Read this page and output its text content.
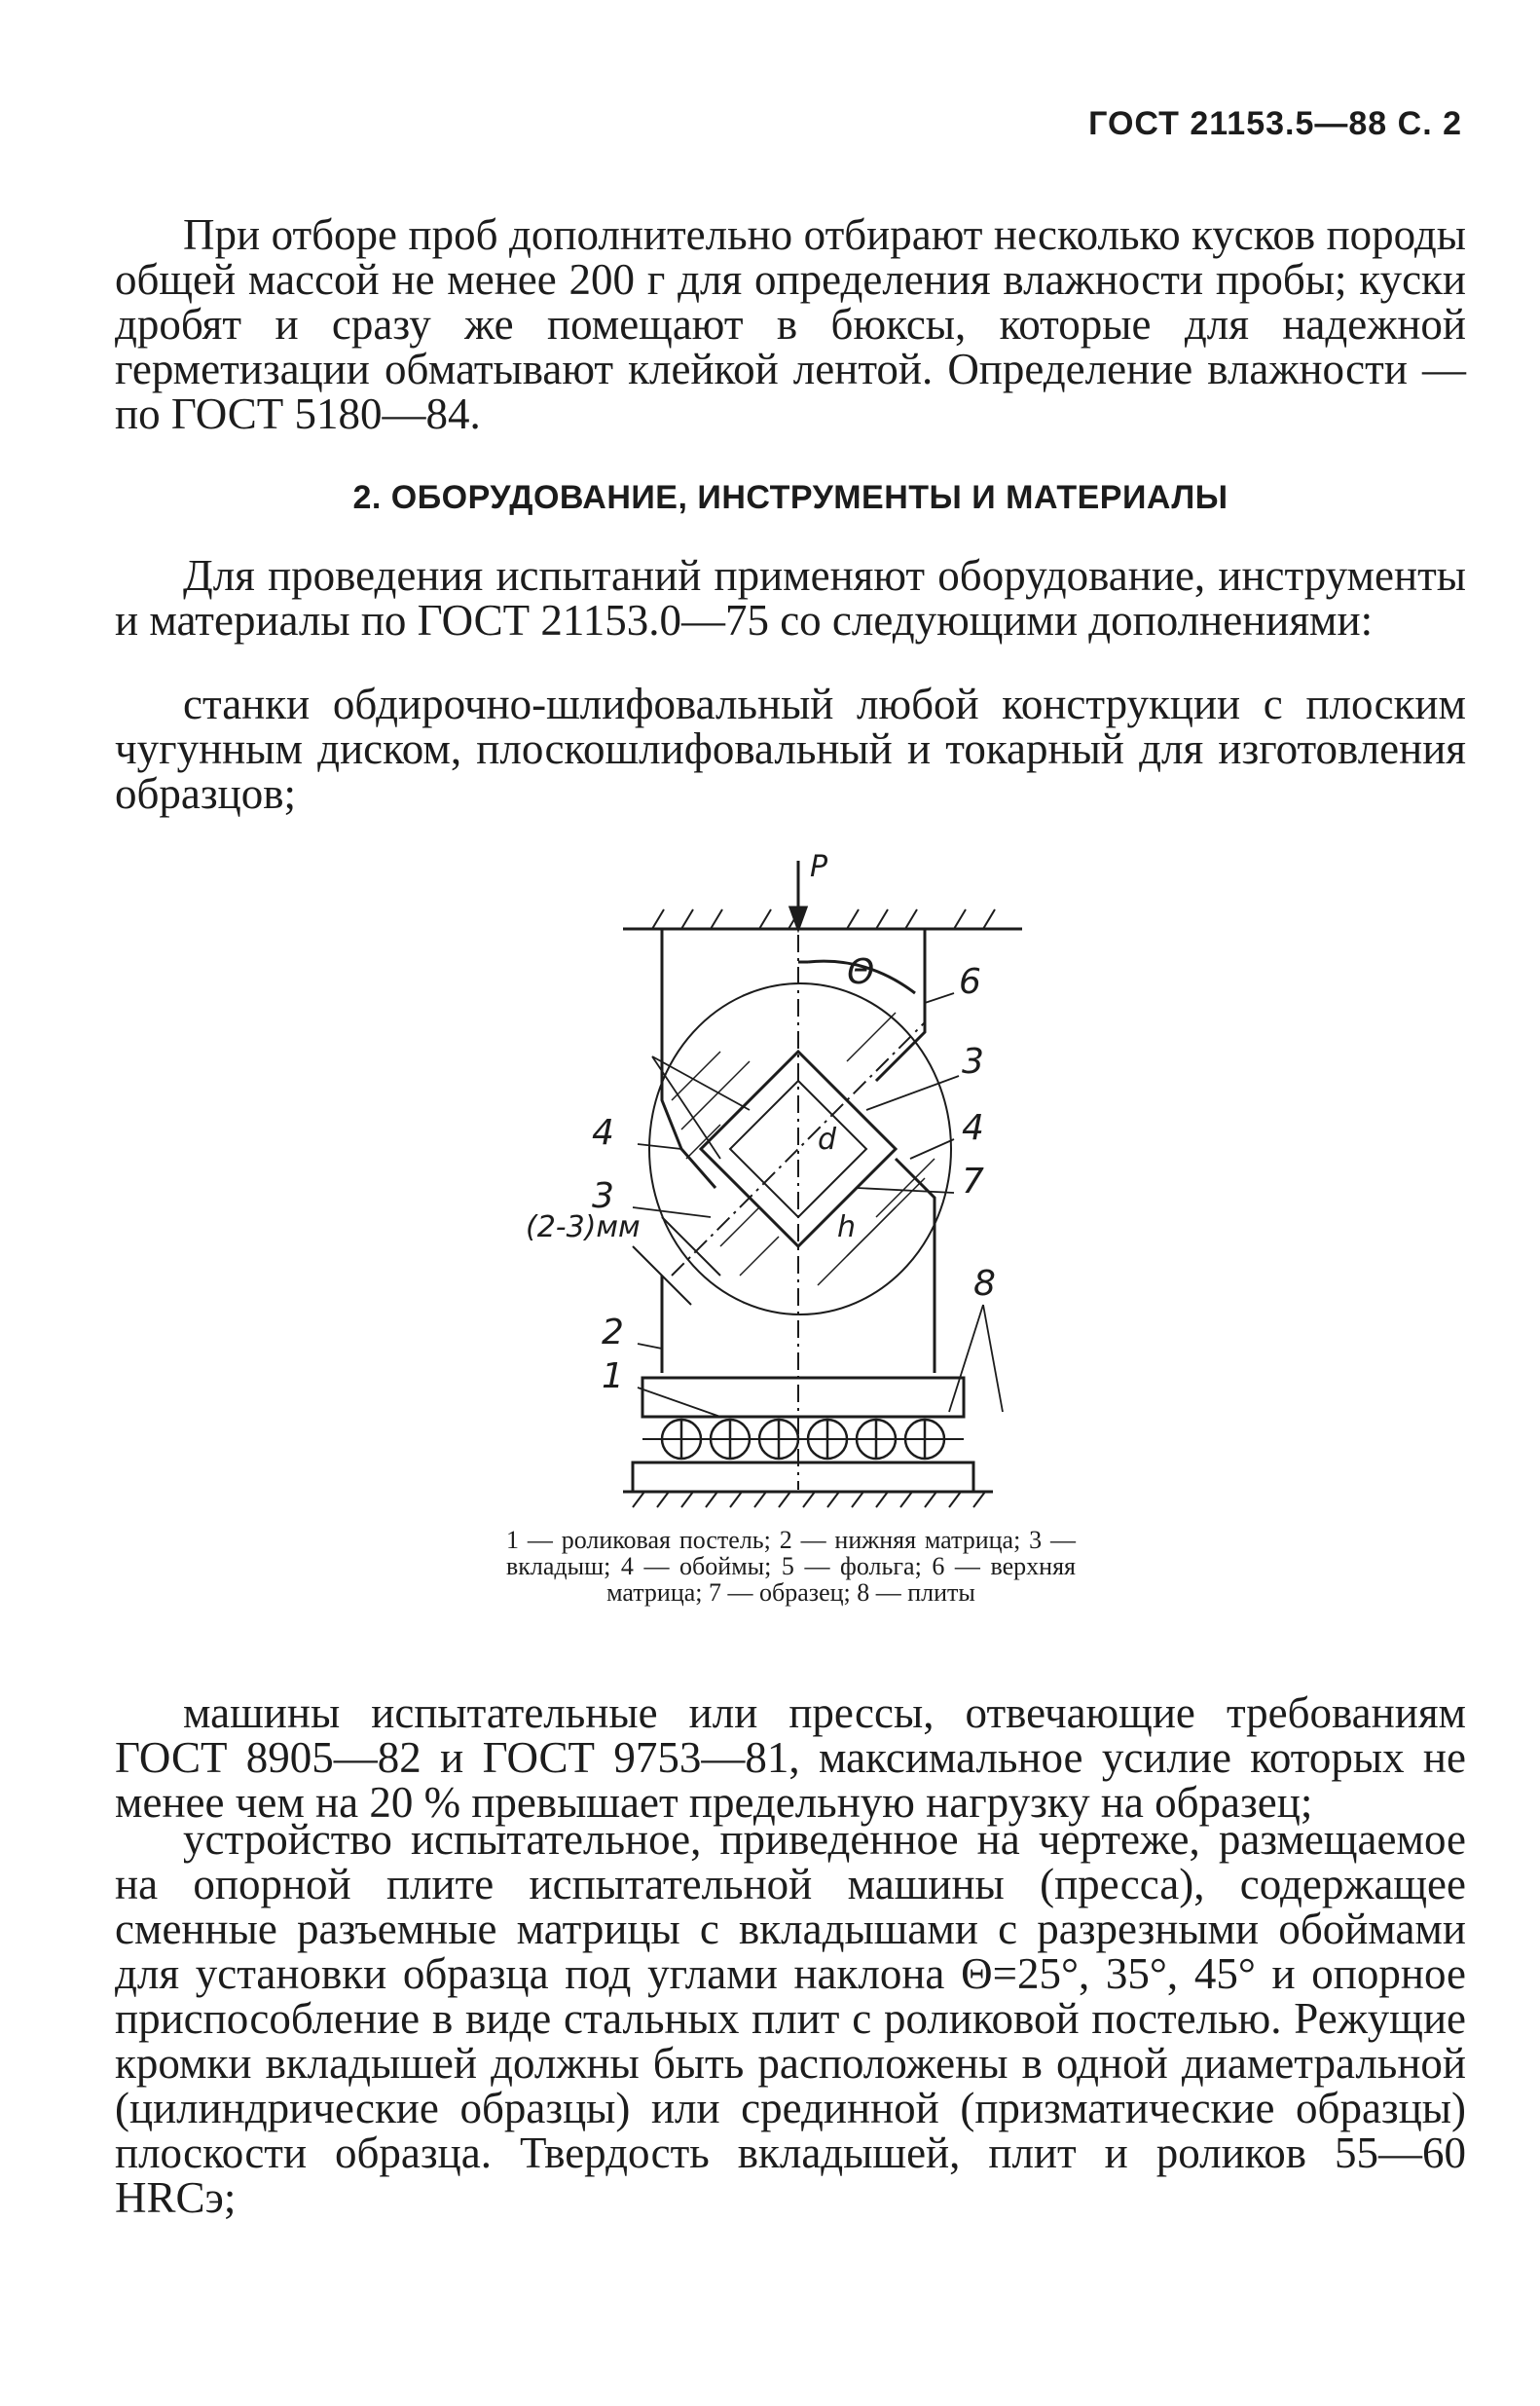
ГОСТ 21153.5—88 С. 2

При отборе проб дополнительно отбирают несколько кусков породы общей массой не менее 200 г для определения влажности пробы; куски дробят и сразу же помещают в бюксы, которые для надежной герметизации обматывают клейкой лентой. Определение влажности — по ГОСТ 5180—84.

2. ОБОРУДОВАНИЕ, ИНСТРУМЕНТЫ И МАТЕРИАЛЫ

Для проведения испытаний применяют оборудование, инструменты и материалы по ГОСТ 21153.0—75 со следующими дополнениями:

станки обдирочно-шлифовальный любой конструкции с плоским чугунным диском, плоскошлифовальный и токарный для изготовления образцов;

P
Θ 6
3
4
7
4
3
(2-3)мм
d
h
2
1
8
1 — роликовая постель; 2 — нижняя матрица; 3 — вкладыш; 4 — обоймы; 5 — фольга; 6 — верхняя матрица; 7 — образец; 8 — плиты

машины испытательные или прессы, отвечающие требованиям ГОСТ 8905—82 и ГОСТ 9753—81, максимальное усилие которых не менее чем на 20 % превышает предельную нагрузку на образец;

устройство испытательное, приведенное на чертеже, размещаемое на опорной плите испытательной машины (пресса), содержащее сменные разъемные матрицы с вкладышами с разрезными обоймами для установки образца под углами наклона Θ=25°, 35°, 45° и опорное приспособление в виде стальных плит с роликовой постелью. Режущие кромки вкладышей должны быть расположены в одной диаметральной (цилиндрические образцы) или срединной (призматические образцы) плоскости образца. Твердость вкладышей, плит и роликов 55—60 HRCэ;
